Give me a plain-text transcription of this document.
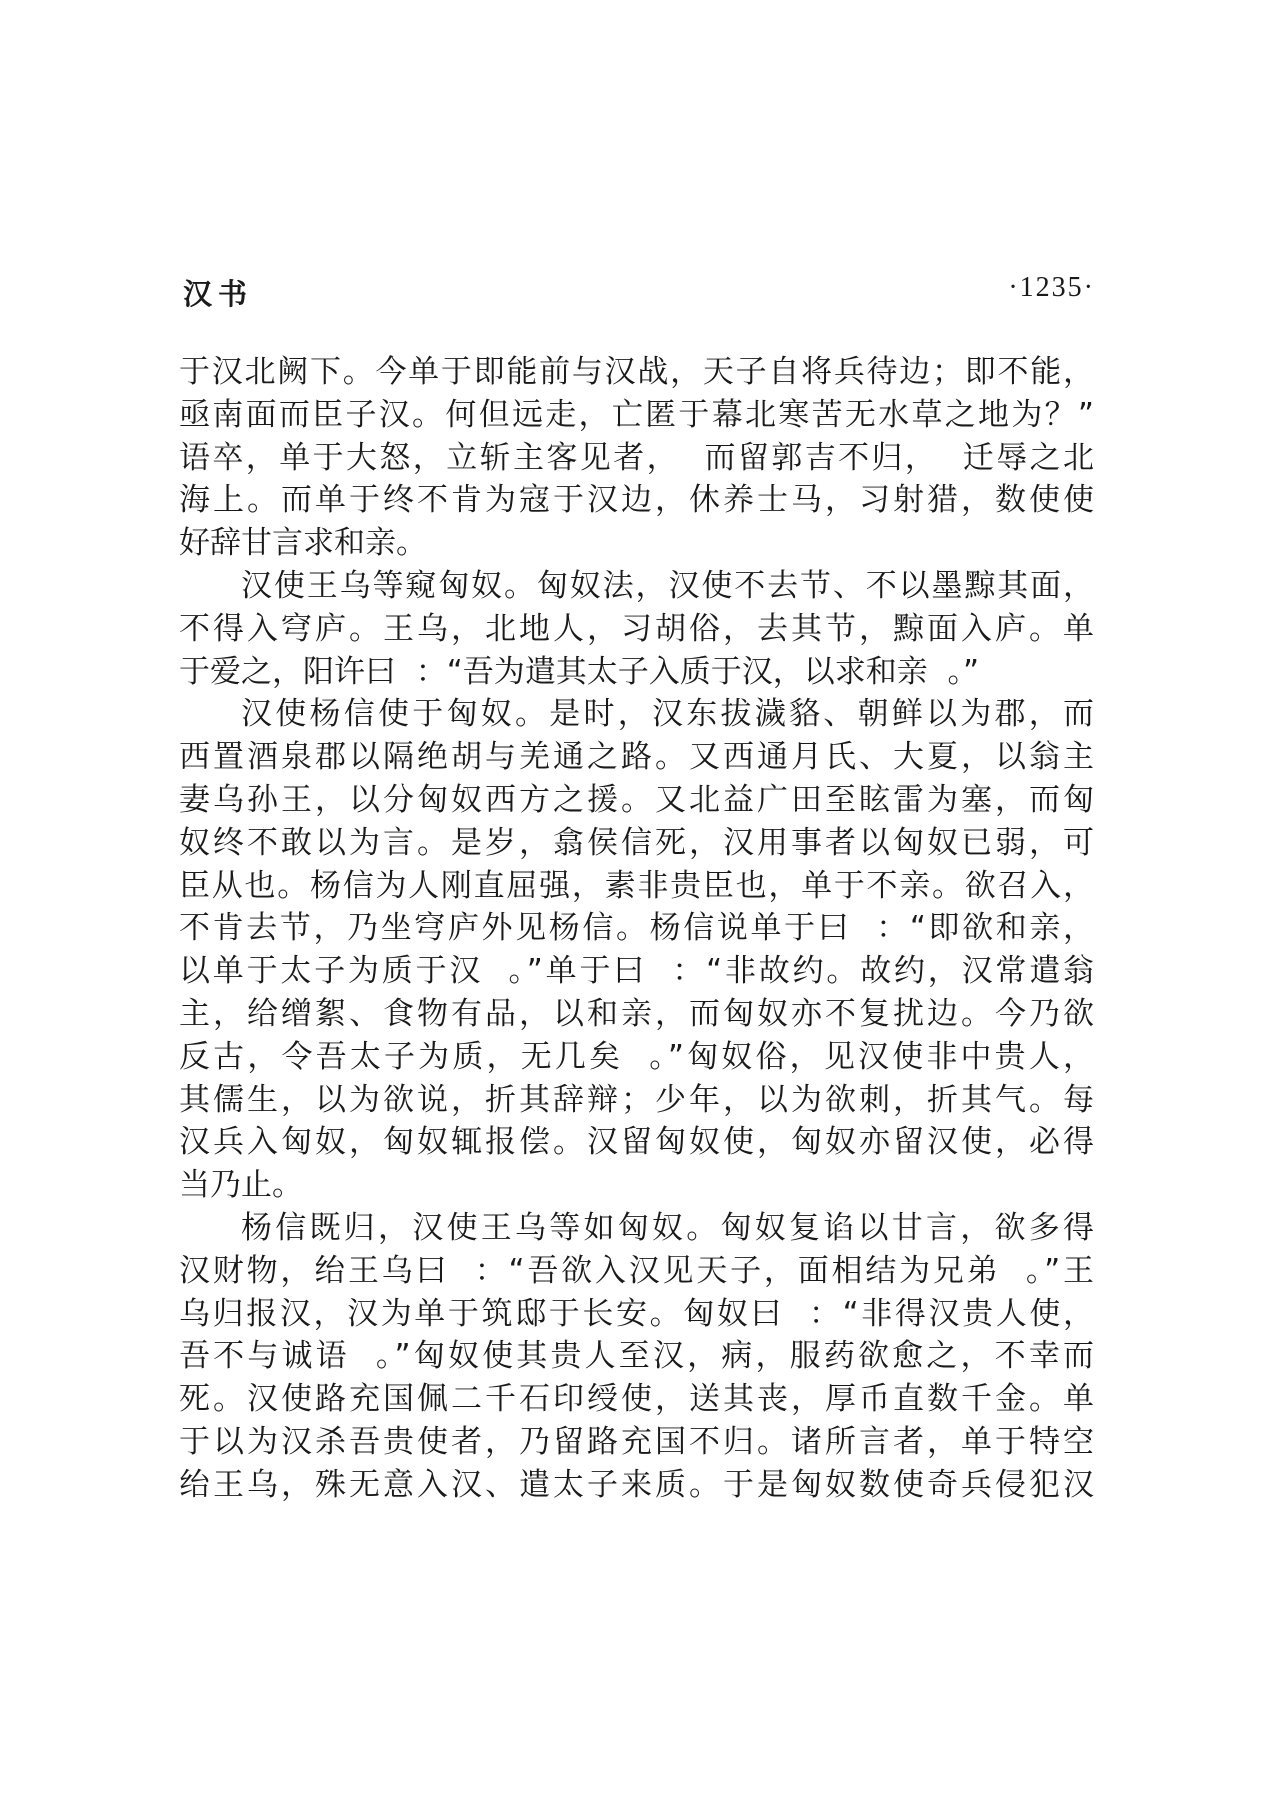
汉书	·1235·
于汉北阙下。今单于即能前与汉战，天子自将兵待边；即不能，
亟南面而臣子汉。何但远走，亡匿于幕北寒苦无水草之地为？”
语卒，单于大怒，立斩主客见者，  而留郭吉不归，  迁辱之北
海上。而单于终不肯为寇于汉边，休养士马，习射猎，数使使
好辞甘言求和亲。
汉使王乌等窥匈奴。匈奴法，汉使不去节、不以墨黥其面，
不得入穹庐。王乌，北地人，习胡俗，去其节，黥面入庐。单
于爱之，阳许曰  ：“吾为遣其太子入质于汉，以求和亲  。”
汉使杨信使于匈奴。是时，汉东拔濊貉、朝鲜以为郡，而
西置酒泉郡以隔绝胡与羌通之路。又西通月氏、大夏，以翁主
妻乌孙王，以分匈奴西方之援。又北益广田至眩雷为塞，而匈
奴终不敢以为言。是岁，翕侯信死，汉用事者以匈奴已弱，可
臣从也。杨信为人刚直屈强，素非贵臣也，单于不亲。欲召入，
不肯去节，乃坐穹庐外见杨信。杨信说单于曰  ：“即欲和亲，
以单于太子为质于汉  。”单于曰  ：“非故约。故约，汉常遣翁
主，给缯絮、食物有品，以和亲，而匈奴亦不复扰边。今乃欲
反古，令吾太子为质，无几矣  。”匈奴俗，见汉使非中贵人，
其儒生，以为欲说，折其辞辩；少年，以为欲刺，折其气。每
汉兵入匈奴，匈奴辄报偿。汉留匈奴使，匈奴亦留汉使，必得
当乃止。
杨信既归，汉使王乌等如匈奴。匈奴复谄以甘言，欲多得
汉财物，绐王乌曰  ：“吾欲入汉见天子，面相结为兄弟  。”王
乌归报汉，汉为单于筑邸于长安。匈奴曰  ：“非得汉贵人使，
吾不与诚语  。”匈奴使其贵人至汉，病，服药欲愈之，不幸而
死。汉使路充国佩二千石印绶使，送其丧，厚币直数千金。单
于以为汉杀吾贵使者，乃留路充国不归。诸所言者，单于特空
绐王乌，殊无意入汉、遣太子来质。于是匈奴数使奇兵侵犯汉
